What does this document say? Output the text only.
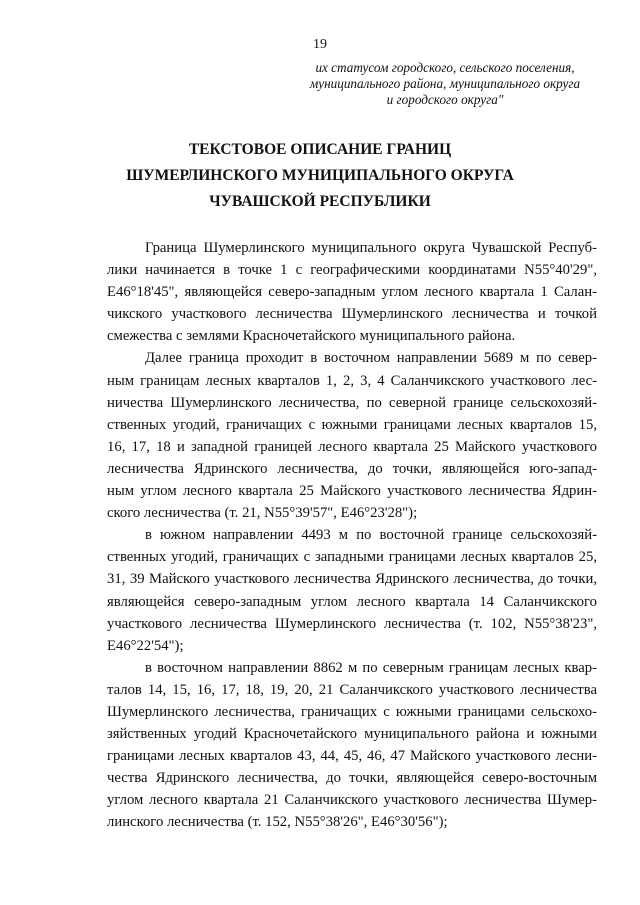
19
их статусом городского, сельского поселения,
муниципального района, муниципального округа
и городского округа"
ТЕКСТОВОЕ ОПИСАНИЕ ГРАНИЦ
ШУМЕРЛИНСКОГО МУНИЦИПАЛЬНОГО ОКРУГА
ЧУВАШСКОЙ РЕСПУБЛИКИ
Граница Шумерлинского муниципального округа Чувашской Респуб-
лики начинается в точке 1 с географическими координатами N55°40'29",
E46°18'45", являющейся северо-западным углом лесного квартала 1 Салан-
чикского участкового лесничества Шумерлинского лесничества и точкой
смежества с землями Красночетайского муниципального района.
Далее граница проходит в восточном направлении 5689 м по север-
ным границам лесных кварталов 1, 2, 3, 4 Саланчикского участкового лес-
ничества Шумерлинского лесничества, по северной границе сельскохозяй-
ственных угодий, граничащих с южными границами лесных кварталов 15,
16, 17, 18 и западной границей лесного квартала 25 Майского участкового
лесничества Ядринского лесничества, до точки, являющейся юго-запад-
ным углом лесного квартала 25 Майского участкового лесничества Ядрин-
ского лесничества (т. 21, N55°39'57", E46°23'28");
в южном направлении 4493 м по восточной границе сельскохозяй-
ственных угодий, граничащих с западными границами лесных кварталов 25,
31, 39 Майского участкового лесничества Ядринского лесничества, до точки,
являющейся северо-западным углом лесного квартала 14 Саланчикского
участкового лесничества Шумерлинского лесничества (т. 102, N55°38'23",
E46°22'54");
в восточном направлении 8862 м по северным границам лесных квар-
талов 14, 15, 16, 17, 18, 19, 20, 21 Саланчикского участкового лесничества
Шумерлинского лесничества, граничащих с южными границами сельскохо-
зяйственных угодий Красночетайского муниципального района и южными
границами лесных кварталов 43, 44, 45, 46, 47 Майского участкового лесни-
чества Ядринского лесничества, до точки, являющейся северо-восточным
углом лесного квартала 21 Саланчикского участкового лесничества Шумер-
линского лесничества (т. 152, N55°38'26", E46°30'56");
